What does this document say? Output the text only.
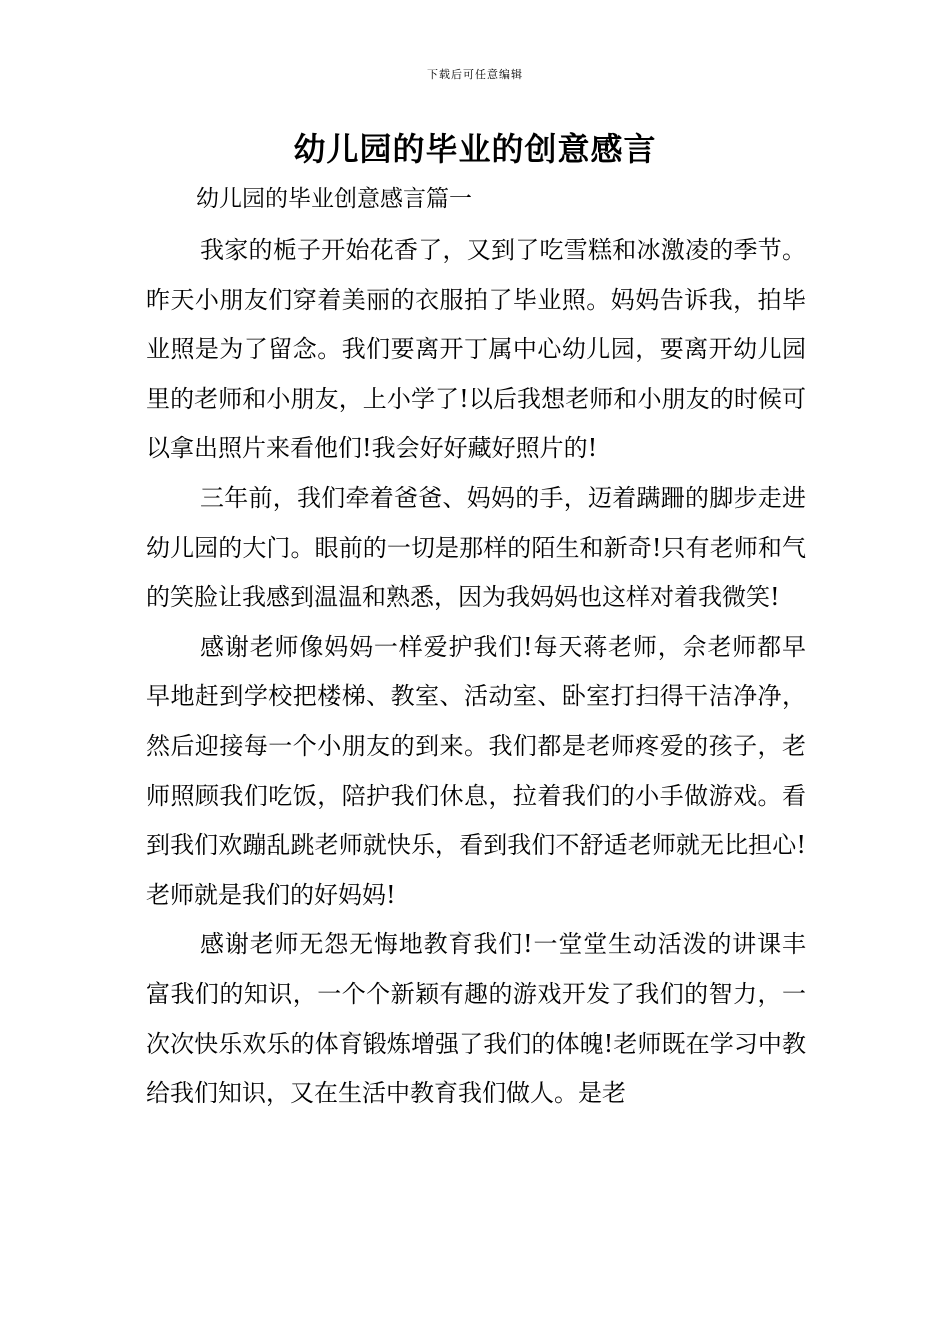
下载后可任意编辑
幼儿园的毕业的创意感言
幼儿园的毕业创意感言篇一

我家的栀子开始花香了，又到了吃雪糕和冰激凌的季节。昨天小朋友们穿着美丽的衣服拍了毕业照。妈妈告诉我，拍毕业照是为了留念。我们要离开丁属中心幼儿园，要离开幼儿园里的老师和小朋友，上小学了!以后我想老师和小朋友的时候可以拿出照片来看他们!我会好好藏好照片的!

三年前，我们牵着爸爸、妈妈的手，迈着蹒跚的脚步走进幼儿园的大门。眼前的一切是那样的陌生和新奇!只有老师和气的笑脸让我感到温温和熟悉，因为我妈妈也这样对着我微笑!

感谢老师像妈妈一样爱护我们!每天蒋老师，佘老师都早早地赶到学校把楼梯、教室、活动室、卧室打扫得干洁净净，然后迎接每一个小朋友的到来。我们都是老师疼爱的孩子，老师照顾我们吃饭，陪护我们休息，拉着我们的小手做游戏。看到我们欢蹦乱跳老师就快乐，看到我们不舒适老师就无比担心!老师就是我们的好妈妈!

感谢老师无怨无悔地教育我们!一堂堂生动活泼的讲课丰富我们的知识，一个个新颖有趣的游戏开发了我们的智力，一次次快乐欢乐的体育锻炼增强了我们的体魄!老师既在学习中教给我们知识，又在生活中教育我们做人。是老
